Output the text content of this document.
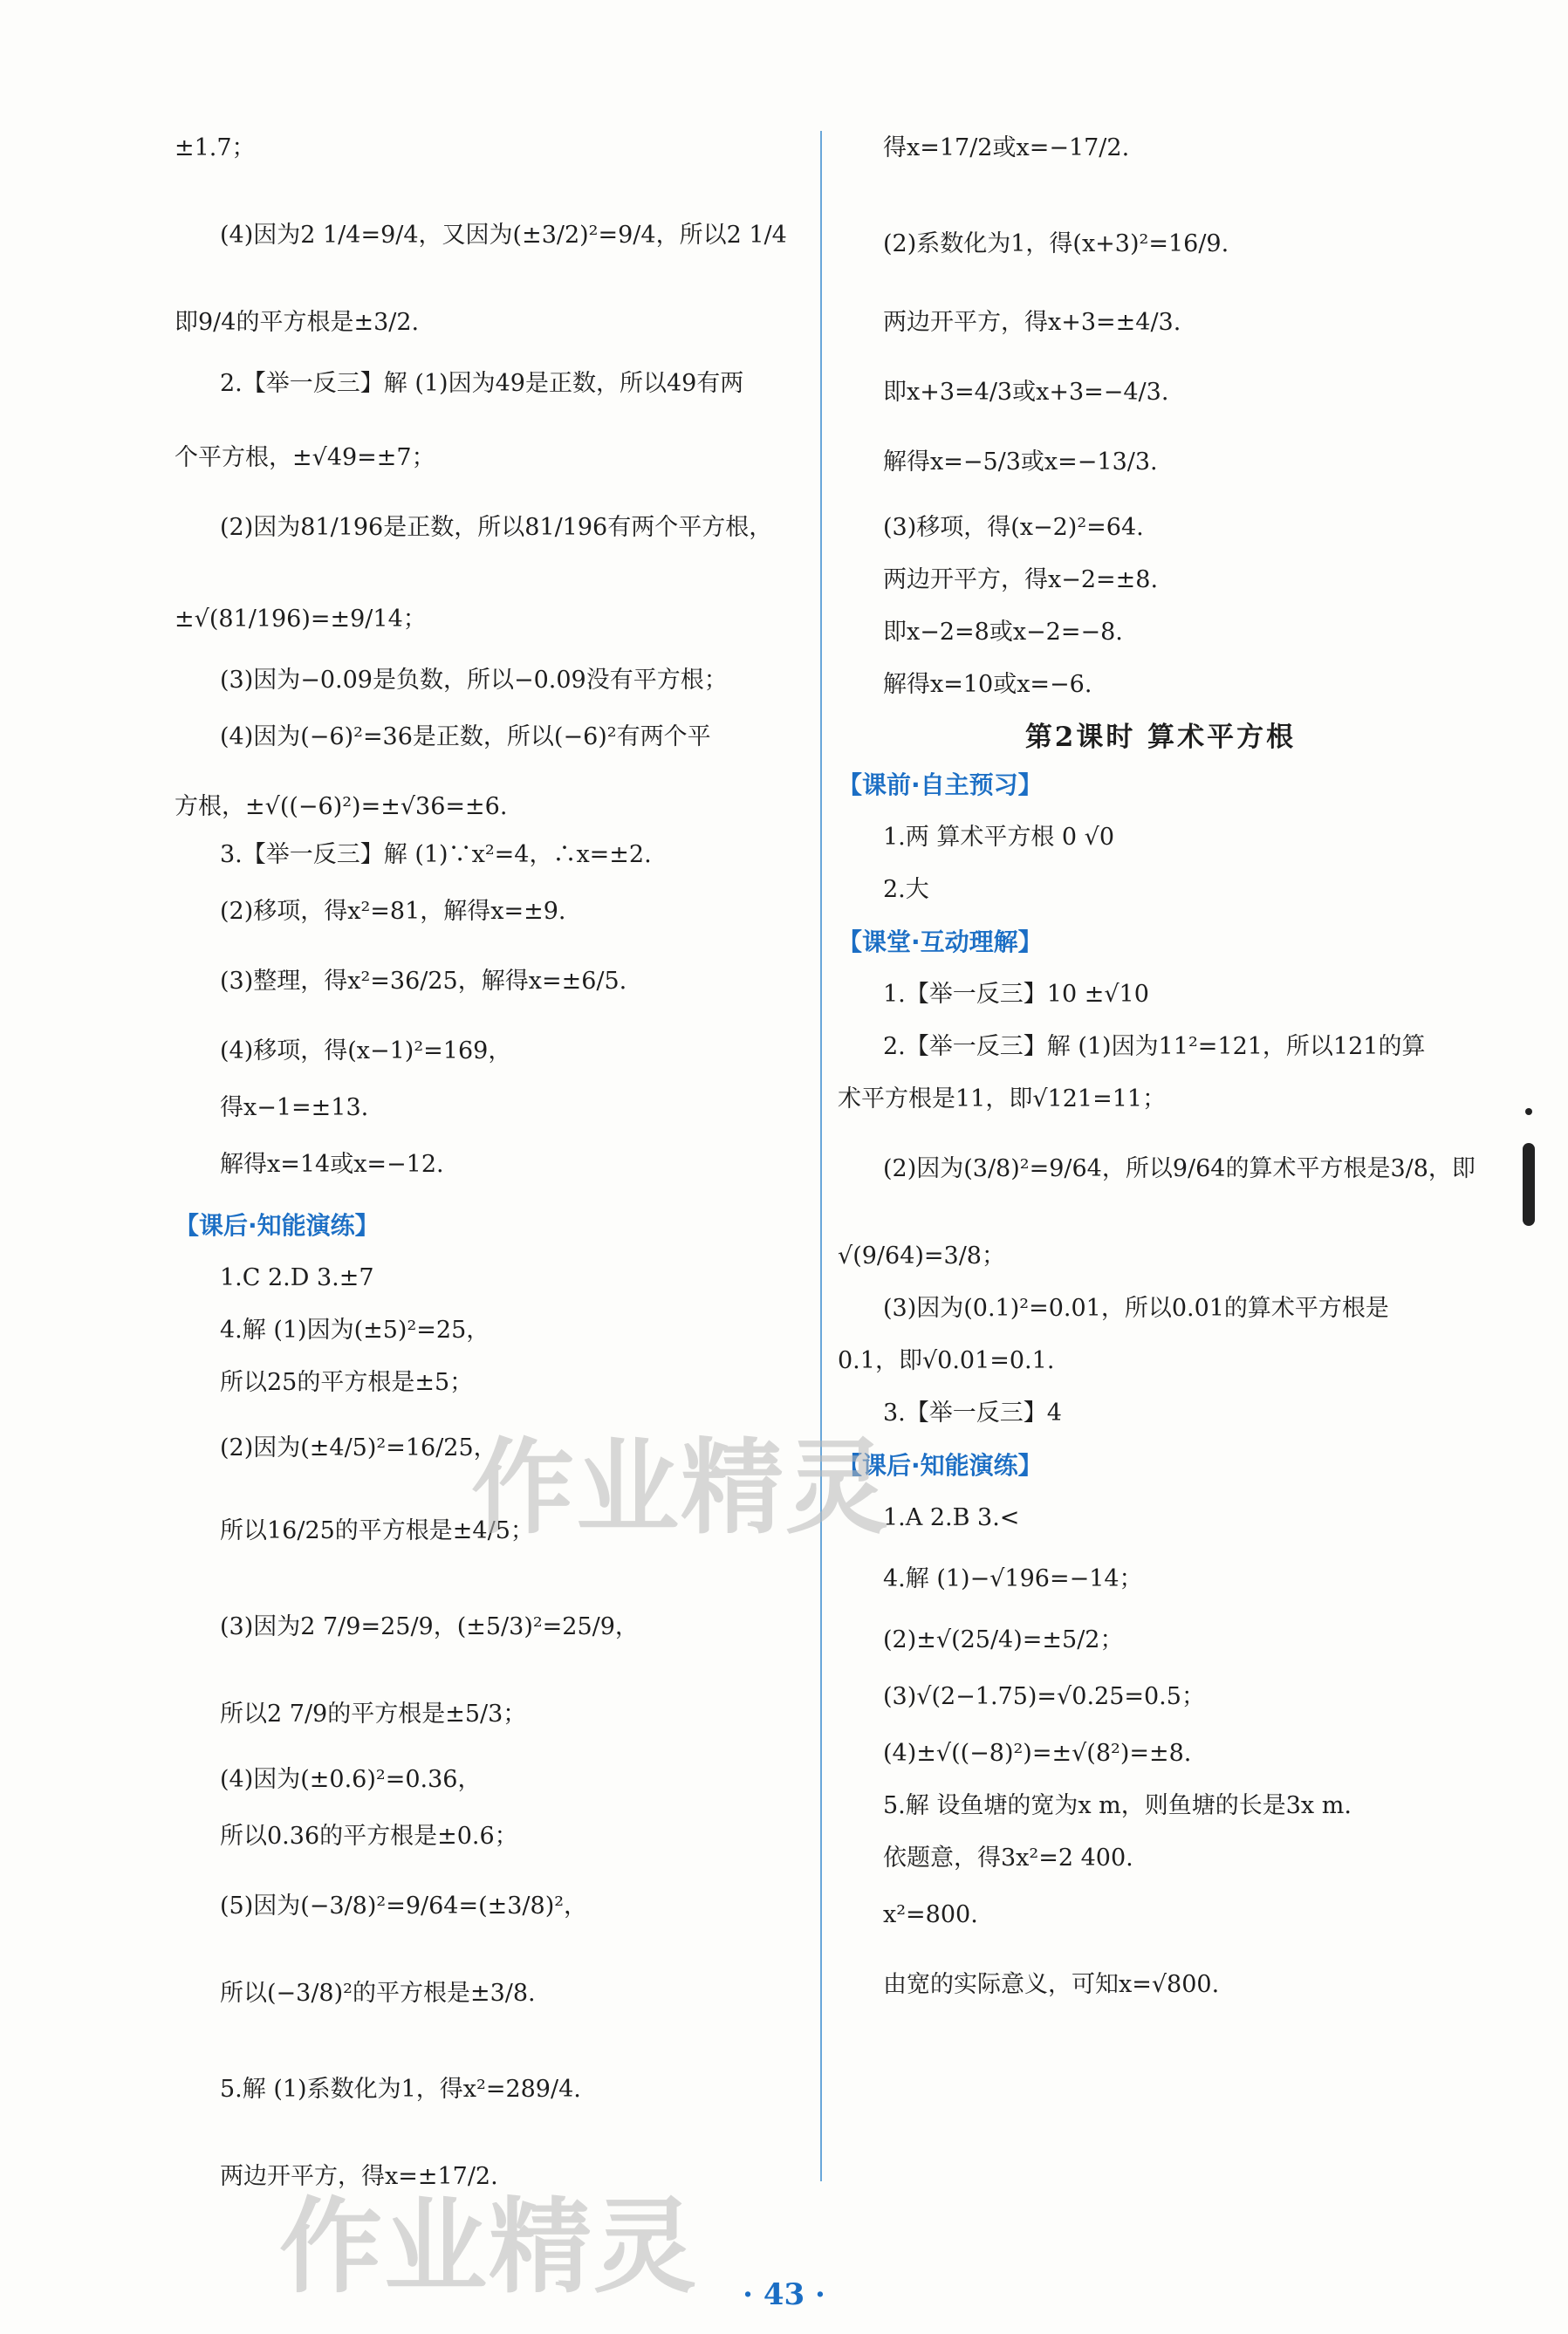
±1.7；
(4)因为2 1/4=9/4，又因为(±3/2)²=9/4，所以2 1/4
即9/4的平方根是±3/2.
2.【举一反三】解 (1)因为49是正数，所以49有两
个平方根，±√49=±7；
(2)因为81/196是正数，所以81/196有两个平方根，
±√(81/196)=±9/14；
(3)因为−0.09是负数，所以−0.09没有平方根；
(4)因为(−6)²=36是正数，所以(−6)²有两个平
方根，±√((−6)²)=±√36=±6.
3.【举一反三】解 (1)∵x²=4，∴x=±2.
(2)移项，得x²=81，解得x=±9.
(3)整理，得x²=36/25，解得x=±6/5.
(4)移项，得(x−1)²=169，
得x−1=±13.
解得x=14或x=−12.
【课后·知能演练】
1.C 2.D 3.±7
4.解 (1)因为(±5)²=25，
所以25的平方根是±5；
(2)因为(±4/5)²=16/25，
所以16/25的平方根是±4/5；
(3)因为2 7/9=25/9，(±5/3)²=25/9，
所以2 7/9的平方根是±5/3；
(4)因为(±0.6)²=0.36，
所以0.36的平方根是±0.6；
(5)因为(−3/8)²=9/64=(±3/8)²，
所以(−3/8)²的平方根是±3/8.
5.解 (1)系数化为1，得x²=289/4.
两边开平方，得x=±17/2.
得x=17/2或x=−17/2.
(2)系数化为1，得(x+3)²=16/9.
两边开平方，得x+3=±4/3.
即x+3=4/3或x+3=−4/3.
解得x=−5/3或x=−13/3.
(3)移项，得(x−2)²=64.
两边开平方，得x−2=±8.
即x−2=8或x−2=−8.
解得x=10或x=−6.
第2课时 算术平方根
【课前·自主预习】
1.两 算术平方根 0 √0
2.大
【课堂·互动理解】
1.【举一反三】10 ±√10
2.【举一反三】解 (1)因为11²=121，所以121的算
术平方根是11，即√121=11；
(2)因为(3/8)²=9/64，所以9/64的算术平方根是3/8，即
√(9/64)=3/8；
(3)因为(0.1)²=0.01，所以0.01的算术平方根是
0.1，即√0.01=0.1.
3.【举一反三】4
【课后·知能演练】
1.A 2.B 3.<
4.解 (1)−√196=−14；
(2)±√(25/4)=±5/2；
(3)√(2−1.75)=√0.25=0.5；
(4)±√((−8)²)=±√(8²)=±8.
5.解 设鱼塘的宽为x m，则鱼塘的长是3x m.
依题意，得3x²=2 400.
x²=800.
由宽的实际意义，可知x=√800.
作业精灵
作业精灵	· 43 ·
